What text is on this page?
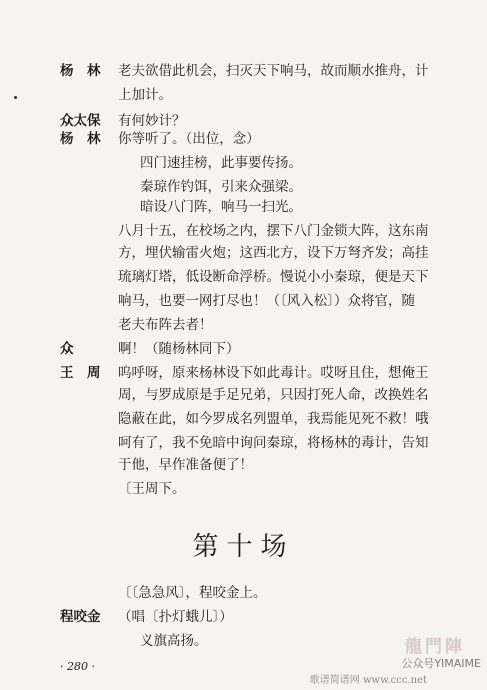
杨　林 老夫欲借此机会，扫灭天下响马，故而顺水推舟，计
上加计。
众太保 有何妙计？
杨　林 你等听了。（出位，念）
四门速挂榜，此事要传扬。
秦琼作钓饵，引来众强梁。
暗设八门阵，响马一扫光。
八月十五，在校场之内，摆下八门金锁大阵，这东南
方，埋伏输雷火炮；这西北方，设下万弩齐发；高挂
琉璃灯塔，低设断命浮桥。慢说小小秦琼，便是天下
响马，也要一网打尽也！（〔风入松〕）众将官，随
老夫布阵去者！
众	啊！（随杨林同下）
王　周 呜呼呀，原来杨林设下如此毒计。哎呀且住，想俺王
周，与罗成原是手足兄弟，只因打死人命，改换姓名
隐蔽在此，如今罗成名列盟单，我焉能见死不救！哦
呵有了，我不免暗中询问秦琼，将杨林的毒计，告知
于他，早作准备便了！
〔王周下。
第十场
〔〔急急风〕，程咬金上。
程咬金 （唱〔扑灯蛾儿〕）
义旗高扬。
· 280 ·
龍門陣
公众号YIMAIME
歌谱简谱网 www.ccc.net
